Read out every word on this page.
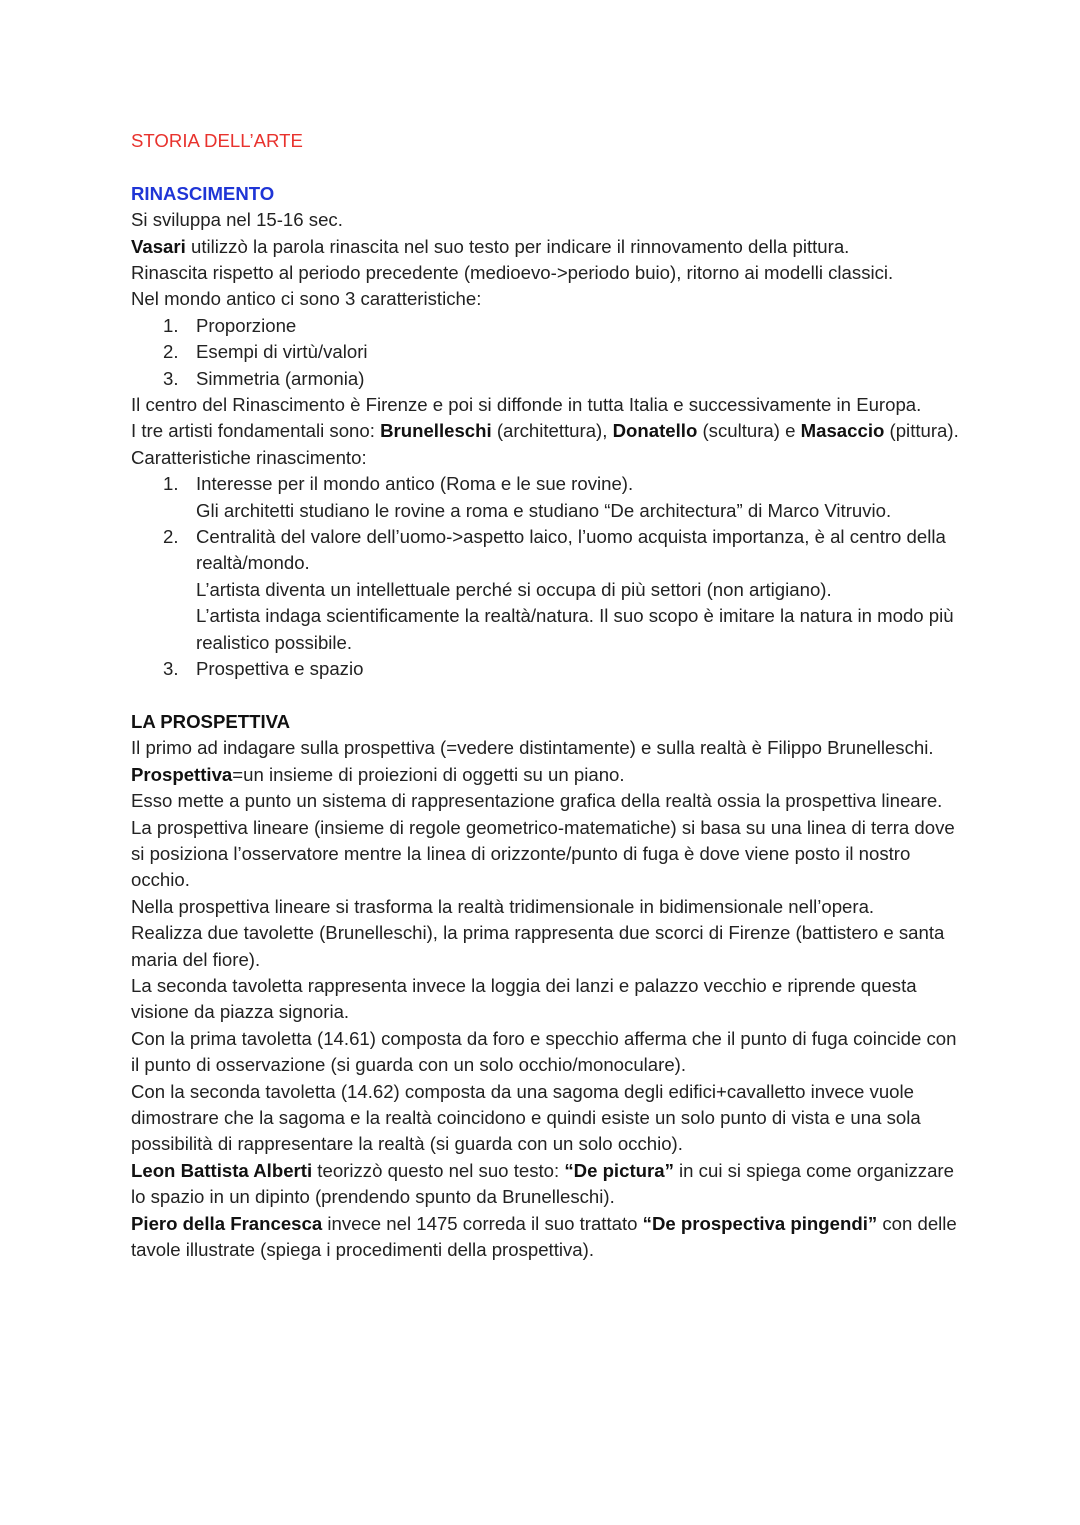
STORIA DELL’ARTE

RINASCIMENTO

Si sviluppa nel 15-16 sec.

Vasari utilizzò la parola rinascita nel suo testo per indicare il rinnovamento della pittura.

Rinascita rispetto al periodo precedente (medioevo->periodo buio), ritorno ai modelli classici.

Nel mondo antico ci sono 3 caratteristiche:

1. Proporzione
2. Esempi di virtù/valori
3. Simmetria (armonia)

Il centro del Rinascimento è Firenze e poi si diffonde in tutta Italia e successivamente in Europa.

I tre artisti fondamentali sono: Brunelleschi (architettura), Donatello (scultura) e Masaccio (pittura).

Caratteristiche rinascimento:

1. Interesse per il mondo antico (Roma e le sue rovine).
Gli architetti studiano le rovine a roma e studiano “De architectura” di Marco Vitruvio.
2. Centralità del valore dell’uomo->aspetto laico, l’uomo acquista importanza, è al centro della realtà/mondo.
L’artista diventa un intellettuale perché si occupa di più settori (non artigiano).
L’artista indaga scientificamente la realtà/natura. Il suo scopo è imitare la natura in modo più realistico possibile.
3. Prospettiva e spazio

LA PROSPETTIVA

Il primo ad indagare sulla prospettiva (=vedere distintamente) e sulla realtà è Filippo Brunelleschi.

Prospettiva=un insieme di proiezioni di oggetti su un piano.

Esso mette a punto un sistema di rappresentazione grafica della realtà ossia la prospettiva lineare.

La prospettiva lineare (insieme di regole geometrico-matematiche) si basa su una linea di terra dove si posiziona l’osservatore mentre la linea di orizzonte/punto di fuga è dove viene posto il nostro occhio.

Nella prospettiva lineare si trasforma la realtà tridimensionale in bidimensionale nell’opera.

Realizza due tavolette (Brunelleschi), la prima rappresenta due scorci di Firenze (battistero e santa maria del fiore).

La seconda tavoletta rappresenta invece la loggia dei lanzi e palazzo vecchio e riprende questa visione da piazza signoria.

Con la prima tavoletta (14.61) composta da foro e specchio afferma che il punto di fuga coincide con il punto di osservazione (si guarda con un solo occhio/monoculare).

Con la seconda tavoletta (14.62) composta da una sagoma degli edifici+cavalletto invece vuole dimostrare che la sagoma e la realtà coincidono e quindi esiste un solo punto di vista e una sola possibilità di rappresentare la realtà (si guarda con un solo occhio).

Leon Battista Alberti teorizzò questo nel suo testo: “De pictura” in cui si spiega come organizzare lo spazio in un dipinto (prendendo spunto da Brunelleschi).

Piero della Francesca invece nel 1475 correda il suo trattato “De prospectiva pingendi” con delle tavole illustrate (spiega i procedimenti della prospettiva).
